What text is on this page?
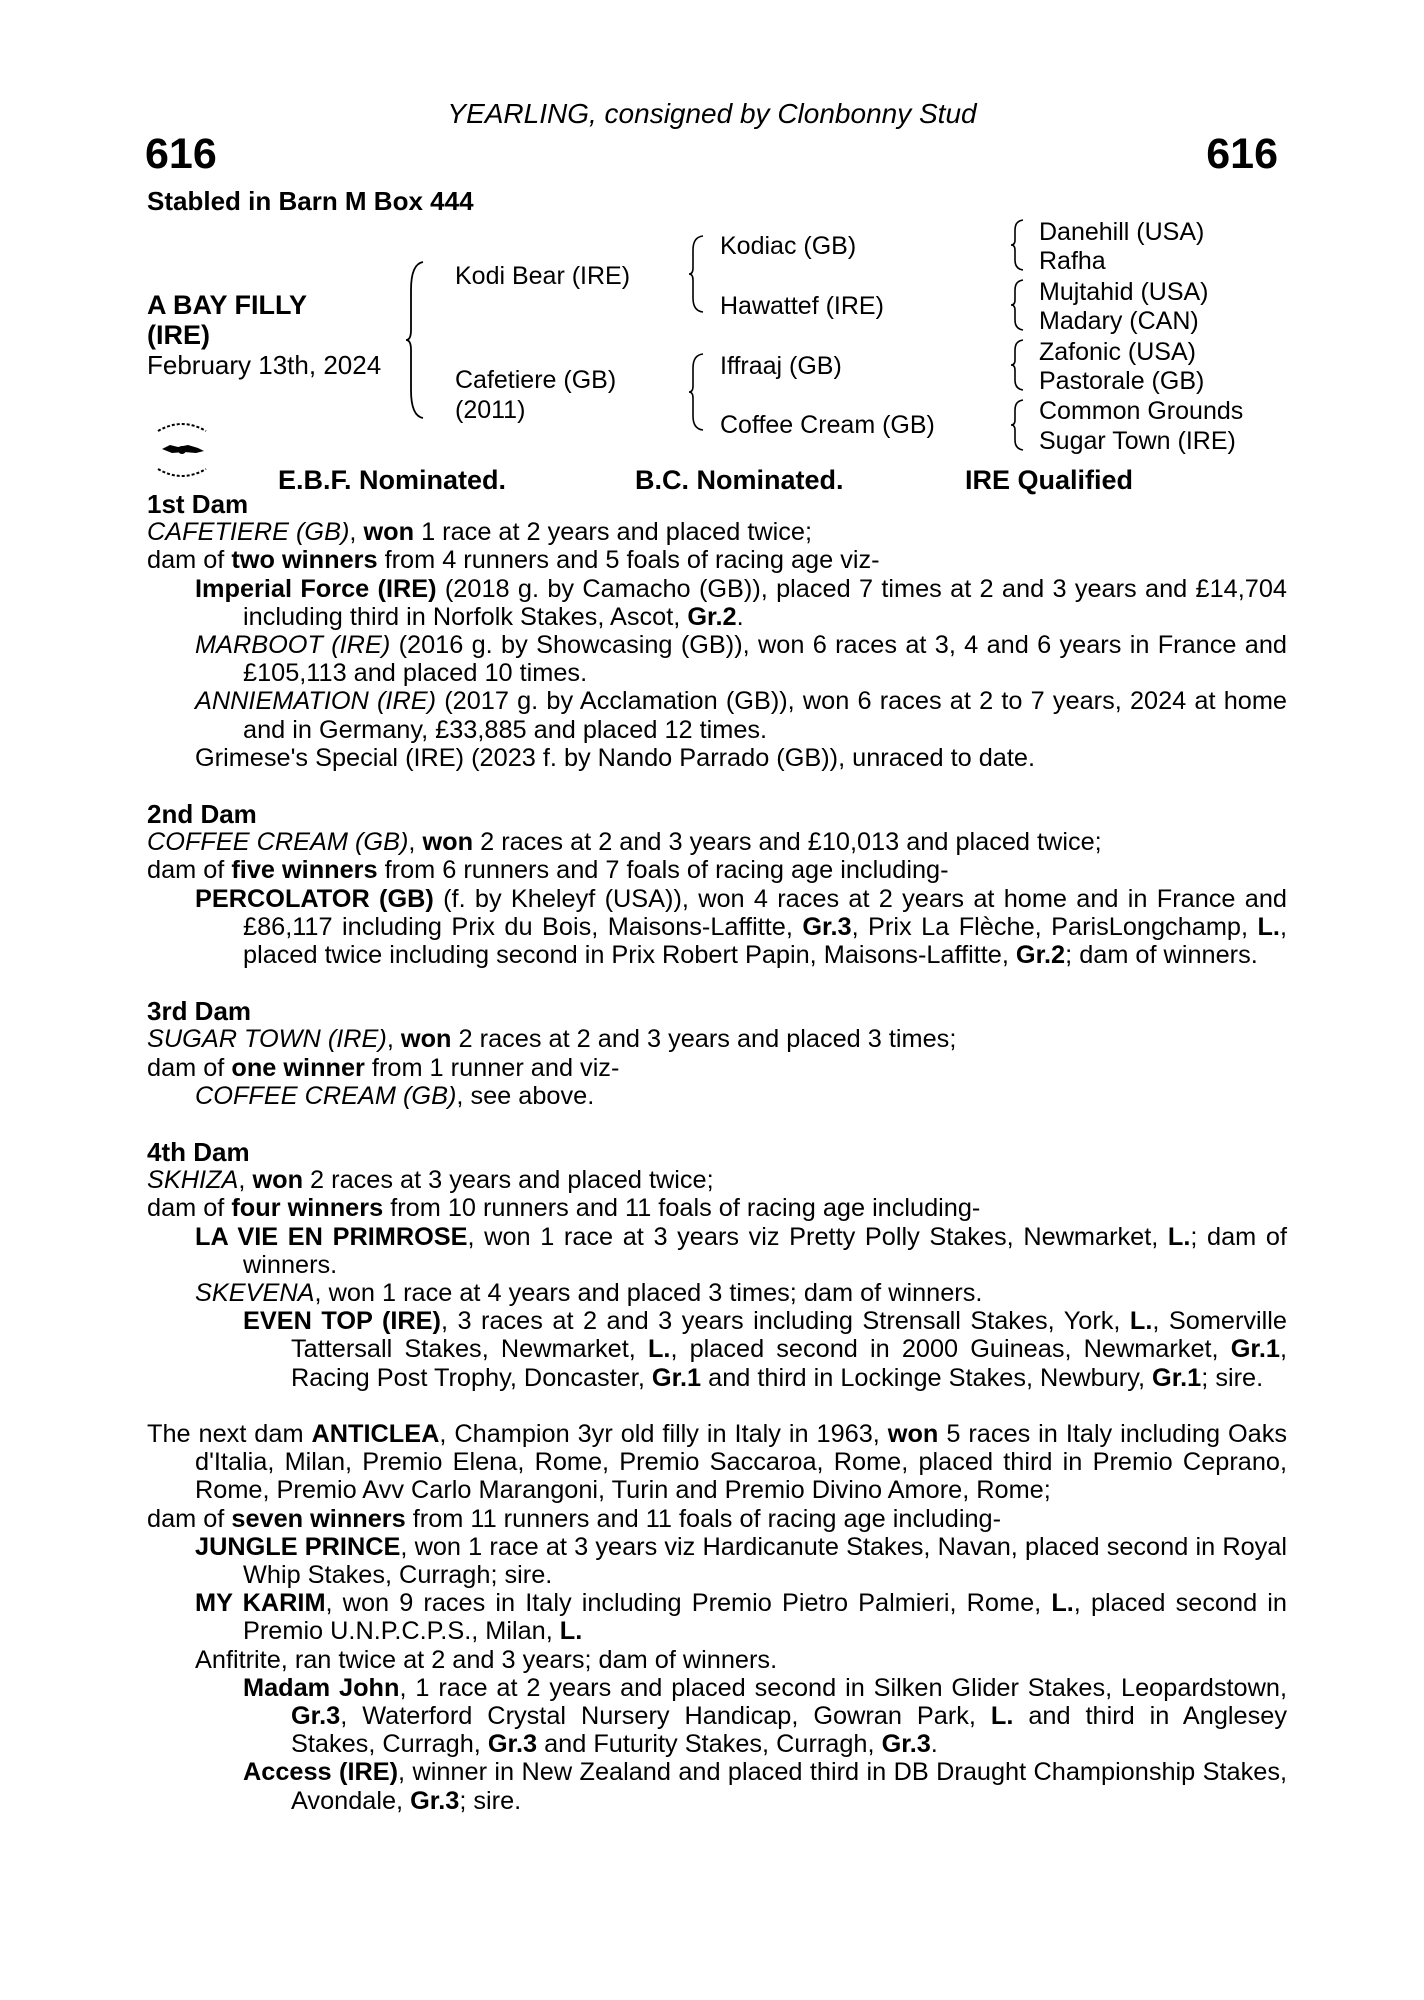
YEARLING, consigned by Clonbonny Stud
616	616
Stabled in Barn M Box 444
A BAY FILLY
(IRE)
February 13th, 2024
Kodi Bear (IRE)
Cafetiere (GB)
(2011)
Kodiac (GB)
Hawattef (IRE)
Iffraaj (GB)
Coffee Cream (GB)
Danehill (USA)
Rafha
Mujtahid (USA)
Madary (CAN)
Zafonic (USA)
Pastorale (GB)
Common Grounds
Sugar Town (IRE)
E.B.F. Nominated.	B.C. Nominated.	IRE Qualified
1st Dam

CAFETIERE (GB), won 1 race at 2 years and placed twice;

dam of two winners from 4 runners and 5 foals of racing age viz-

Imperial Force (IRE) (2018 g. by Camacho (GB)), placed 7 times at 2 and 3 years and £14,704 including third in Norfolk Stakes, Ascot, Gr.2.

MARBOOT (IRE) (2016 g. by Showcasing (GB)), won 6 races at 3, 4 and 6 years in France and £105,113 and placed 10 times.

ANNIEMATION (IRE) (2017 g. by Acclamation (GB)), won 6 races at 2 to 7 years, 2024 at home and in Germany, £33,885 and placed 12 times.

Grimese's Special (IRE) (2023 f. by Nando Parrado (GB)), unraced to date.

2nd Dam

COFFEE CREAM (GB), won 2 races at 2 and 3 years and £10,013 and placed twice;

dam of five winners from 6 runners and 7 foals of racing age including-

PERCOLATOR (GB) (f. by Kheleyf (USA)), won 4 races at 2 years at home and in France and £86,117 including Prix du Bois, Maisons-Laffitte, Gr.3, Prix La Flèche, ParisLongchamp, L., placed twice including second in Prix Robert Papin, Maisons-Laffitte, Gr.2; dam of winners.

3rd Dam

SUGAR TOWN (IRE), won 2 races at 2 and 3 years and placed 3 times;

dam of one winner from 1 runner and viz-

COFFEE CREAM (GB), see above.

4th Dam

SKHIZA, won 2 races at 3 years and placed twice;

dam of four winners from 10 runners and 11 foals of racing age including-

LA VIE EN PRIMROSE, won 1 race at 3 years viz Pretty Polly Stakes, Newmarket, L.; dam of winners.

SKEVENA, won 1 race at 4 years and placed 3 times; dam of winners.

EVEN TOP (IRE), 3 races at 2 and 3 years including Strensall Stakes, York, L., Somerville Tattersall Stakes, Newmarket, L., placed second in 2000 Guineas, Newmarket, Gr.1, Racing Post Trophy, Doncaster, Gr.1 and third in Lockinge Stakes, Newbury, Gr.1; sire.

The next dam ANTICLEA, Champion 3yr old filly in Italy in 1963, won 5 races in Italy including Oaks d'Italia, Milan, Premio Elena, Rome, Premio Saccaroa, Rome, placed third in Premio Ceprano, Rome, Premio Avv Carlo Marangoni, Turin and Premio Divino Amore, Rome;

dam of seven winners from 11 runners and 11 foals of racing age including-

JUNGLE PRINCE, won 1 race at 3 years viz Hardicanute Stakes, Navan, placed second in Royal Whip Stakes, Curragh; sire.

MY KARIM, won 9 races in Italy including Premio Pietro Palmieri, Rome, L., placed second in Premio U.N.P.C.P.S., Milan, L.

Anfitrite, ran twice at 2 and 3 years; dam of winners.

Madam John, 1 race at 2 years and placed second in Silken Glider Stakes, Leopardstown, Gr.3, Waterford Crystal Nursery Handicap, Gowran Park, L. and third in Anglesey Stakes, Curragh, Gr.3 and Futurity Stakes, Curragh, Gr.3.

Access (IRE), winner in New Zealand and placed third in DB Draught Championship Stakes, Avondale, Gr.3; sire.
